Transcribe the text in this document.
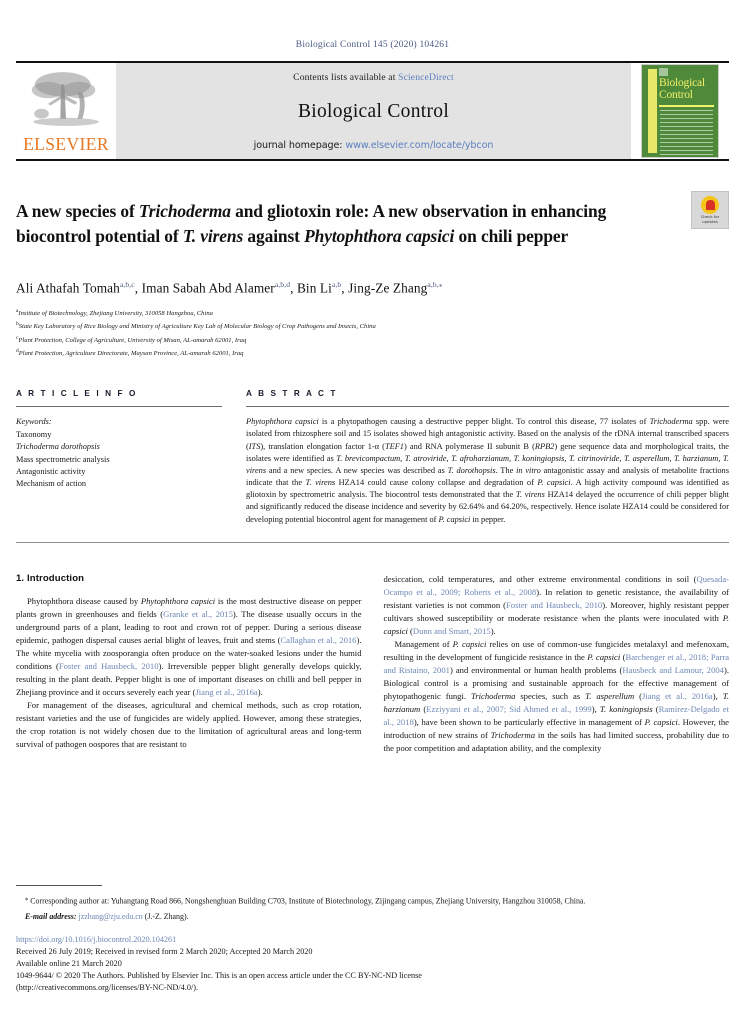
Biological Control 145 (2020) 104261
ELSEVIER
Contents lists available at ScienceDirect
Biological Control
journal homepage: www.elsevier.com/locate/ybcon
Biological
Control
A new species of Trichoderma and gliotoxin role: A new observation in enhancing biocontrol potential of T. virens against Phytophthora capsici on chili pepper
Check for
updates
Ali Athafah Tomah$^{a,b,c}$, Iman Sabah Abd Alamer$^{a,b,d}$, Bin Li$^{a,b}$, Jing-Ze Zhang$^{a,b,⁎}$
$^a$Institute of Biotechnology, Zhejiang University, 310058 Hangzhou, China
$^b$State Key Laboratory of Rice Biology and Ministry of Agriculture Key Lab of Molecular Biology of Crop Pathogens and Insects, China
$^c$Plant Protection, College of Agriculture, University of Misan, AL-amarah 62001, Iraq
$^d$Plant Protection, Agriculture Directorate, Maysan Province, AL-amarah 62001, Iraq
A R T I C L E I N F O
Keywords:
Taxonomy
Trichoderma dorothopsis
Mass spectrometric analysis
Antagonistic activity
Mechanism of action
A B S T R A C T
Phytophthora capsici is a phytopathogen causing a destructive pepper blight. To control this disease, 77 isolates of Trichoderma spp. were isolated from rhizosphere soil and 15 isolates showed high antagonistic activity. Based on the analysis of the rDNA internal transcribed spacers (ITS), translation elongation factor 1-α (TEF1) and RNA polymerase II subunit B (RPB2) gene sequence data and morphological traits, the isolates were identified as T. brevicompactum, T. atroviride, T. afroharzianum, T. koningiopsis, T. citrinoviride, T. asperellum, T. harzianum, T. virens and a new species. A new species was described as T. dorothopsis. The in vitro antagonistic assay and analysis of metabolite fractions indicate that the T. virens HZA14 could cause colony collapse and degradation of P. capsici. A high activity compound was identified as gliotoxin by spectrometric analysis. The biocontrol tests demonstrated that the T. virens HZA14 delayed the occurrence of chili pepper blight and significantly reduced the disease incidence and severity by 62.64% and 64.20%, respectively. Hence isolate HZA14 could be considered for developing potential biocontrol agent for management of P. capsici in pepper.
1. Introduction

Phytophthora disease caused by Phytophthora capsici is the most destructive disease on pepper plants grown in greenhouses and fields (Granke et al., 2015). The disease usually occurs in the underground parts of a plant, leading to root and crown rot of pepper. During a serious disease epidemic, pathogen dispersal causes aerial blight of leaves, fruit and stems (Callaghan et al., 2016). The white mycelia with zoosporangia often produce on the water-soaked lesions under the humid conditions (Foster and Hausbeck, 2010). Irreversible pepper blight generally develops quickly, resulting in the plant death. Pepper blight is one of important diseases on chilli and bell pepper in Zhejiang province and it occurs severely each year (Jiang et al., 2016a).

For management of the diseases, agricultural and chemical methods, such as crop rotation, resistant varieties and the use of fungicides are widely applied. However, among these strategies, the crop rotation is not widely chosen due to the limitation of agricultural areas and long-term survival of pathogen oospores that are resistant to

desiccation, cold temperatures, and other extreme environmental conditions in soil (Quesada-Ocampo et al., 2009; Roberts et al., 2008). In relation to genetic resistance, the availability of resistant varieties is not common (Foster and Hausbeck, 2010). Moreover, highly resistant pepper cultivars showed susceptibility or moderate resistance when the plants were inoculated with P. capsici (Dunn and Smart, 2015).

Management of P. capsici relies on use of common-use fungicides metalaxyl and mefenoxam, resulting in the development of fungicide resistance in the P. capsici (Barchenger et al., 2018; Parra and Ristaino, 2001) and environmental or human health problems (Hausbeck and Lamour, 2004). Biological control is a promising and sustainable approach for the effective management of phytopathogenic fungi. Trichoderma species, such as T. asperellum (Jiang et al., 2016a), T. harzianum (Ezziyyani et al., 2007; Sid Ahmed et al., 1999), T. koningiopsis (Ramírez-Delgado et al., 2018), have been shown to be particularly effective in management of P. capsici. However, the introduction of new strains of Trichoderma in the soils has had limited success, probability due to the poor competition and adaptation ability, and the complexity

⁎ Corresponding author at: Yuhangtang Road 866, Nongshenghuan Building C703, Institute of Biotechnology, Zijingang campus, Zhejiang University, Hangzhou 310058, China.
E-mail address: jzzhang@zju.edu.cn (J.-Z. Zhang).
https://doi.org/10.1016/j.biocontrol.2020.104261
Received 26 July 2019; Received in revised form 2 March 2020; Accepted 20 March 2020
Available online 21 March 2020
1049-9644/ © 2020 The Authors. Published by Elsevier Inc. This is an open access article under the CC BY-NC-ND license
(http://creativecommons.org/licenses/BY-NC-ND/4.0/).
